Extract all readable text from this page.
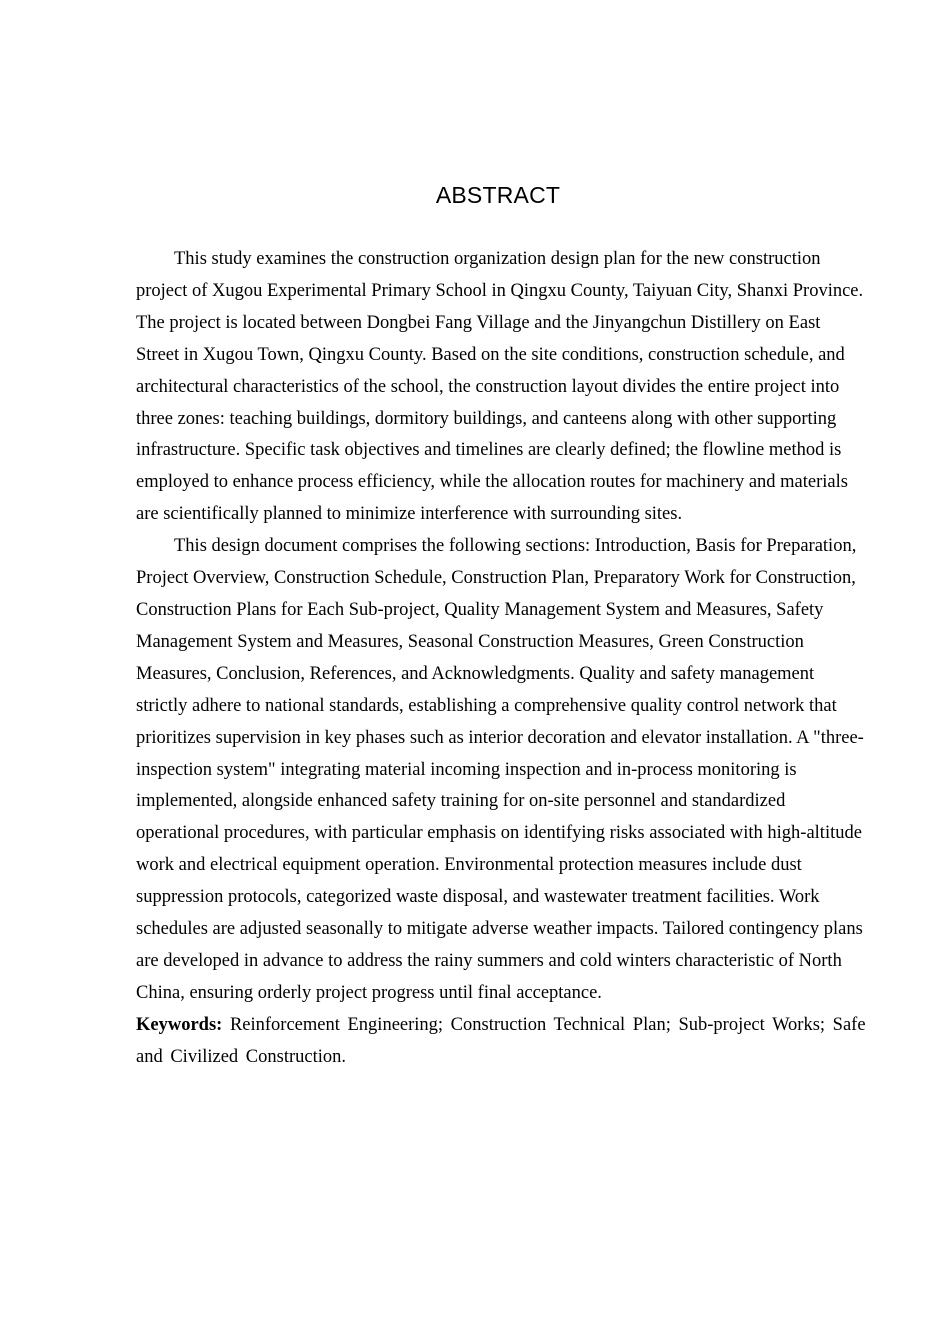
ABSTRACT

This study examines the construction organization design plan for the new construction project of Xugou Experimental Primary School in Qingxu County, Taiyuan City, Shanxi Province. The project is located between Dongbei Fang Village and the Jinyangchun Distillery on East Street in Xugou Town, Qingxu County. Based on the site conditions, construction schedule, and architectural characteristics of the school, the construction layout divides the entire project into three zones: teaching buildings, dormitory buildings, and canteens along with other supporting infrastructure. Specific task objectives and timelines are clearly defined; the flowline method is employed to enhance process efficiency, while the allocation routes for machinery and materials are scientifically planned to minimize interference with surrounding sites.

This design document comprises the following sections: Introduction, Basis for Preparation, Project Overview, Construction Schedule, Construction Plan, Preparatory Work for Construction, Construction Plans for Each Sub-project, Quality Management System and Measures, Safety Management System and Measures, Seasonal Construction Measures, Green Construction Measures, Conclusion, References, and Acknowledgments. Quality and safety management strictly adhere to national standards, establishing a comprehensive quality control network that prioritizes supervision in key phases such as interior decoration and elevator installation. A "three-inspection system" integrating material incoming inspection and in-process monitoring is implemented, alongside enhanced safety training for on-site personnel and standardized operational procedures, with particular emphasis on identifying risks associated with high-altitude work and electrical equipment operation. Environmental protection measures include dust suppression protocols, categorized waste disposal, and wastewater treatment facilities. Work schedules are adjusted seasonally to mitigate adverse weather impacts. Tailored contingency plans are developed in advance to address the rainy summers and cold winters characteristic of North China, ensuring orderly project progress until final acceptance.

Keywords: Reinforcement Engineering; Construction Technical Plan; Sub-project Works; Safe and Civilized Construction.
